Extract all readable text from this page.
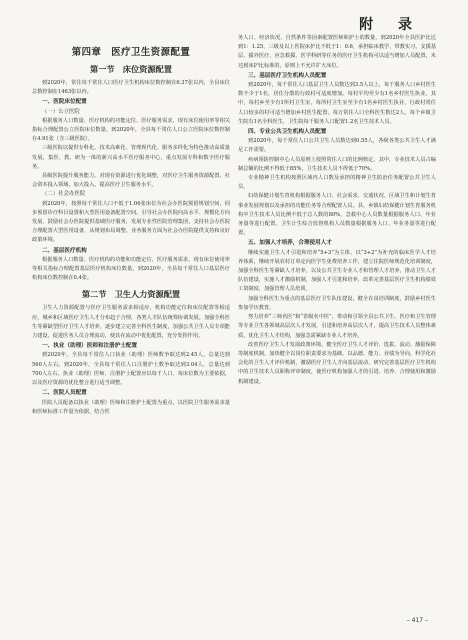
附 录
第四章　医疗卫生资源配置
第一节　床位资源配置

到2020年，常住每千常住人口医疗卫生机构床位数控制在6.37张以内，全县床位总数控制在1463张以内。

一、医院床位配置

（一）公立医院

根据服务人口数量、医疗机构的功能定位、医疗服务需求，现有床位使用率等相关指标合理配置公立医院床位数量。到2020年，全县每千常住人口公立医院床位数控制在4.91张（含三级医院）。

三级医院以提供专科化、技术高难化、管理现代化、服务多样化为特色推动高质量发展，集医、教、研为一体的新兴高水平医疗服务中心，重点发展专科和数字医疗服务。

县级医院提升服务能力，对现有资源进行优化调整，对医疗卫生服务资源配置、社会资本投入领域，加大投入，提高医疗卫生服务水平。

（二）社会办医院

到2020年，按照每千常住人口不低于1.06张床位为社会办医院预留规划空间，同步预留诊疗科目设置和大型医用设备配置空间。引导社会办医院向高水平、规模化方向发展，鼓励社会办医院提供基础医疗服务，发展专业性医院管理集团，支持社会办医院合理配置大型医用设备，从规划布局调整、业务服务方面为社会办医院提供支持和良好政策环境。

二、基层医疗机构

根据服务人口数量、医疗机构的功能和功能定位、医疗服务需求，现有床位使用率等相关指标合理配置基层医疗机构床位数量。到2020年，全县每千常住人口基层医疗机构床位数控制在0.4张。

第二节　卫生人力资源配置

卫生人力资源配置与医疗卫生服务需求相适应，机构功能定位和床位配置等相适应，城乡和区域医疗卫生人才分布趋于合理，各类人才队伍统筹协调发展。加强全科医生等紧缺型医疗卫生人才培养，逐步建立完善全科医生制度，加强公共卫生人员专项能力建设，促进医务人员合理流动，使其在流动中优化配置，充分发挥作用。

一、执业（助理）医师和注册护士配置

到2020年，全县每千常住人口执业（助理）医师数争取达到2.45人，总量达到560人左右。到2020年，全县每千常住人口注册护士数争取达到3.04人，总量达到700人左右。执业（助理）医师、注册护士配置应以每千人口、每床位数为主要依据，以及医疗资源的优化整合进行适当调整。

二、医院人员配置

医院人员配备以执业（助理）医师和注册护士配置为重点，以医院卫生服务需求量和医师标准工作量为依据，结合医

务人口、经济状况、自然条件等因素配置医师和护士的数量，到2020年全县医护比达到1：1.25，三级及以上医院床护比不低于1：0.6，承担临床教学、带教实习、支援基层、援外医疗、应急救援、医学科研等任务的医疗卫生机构可以适当增加人员配置，未达到床护比标准的，原则上不允许扩大床位。

三、基层医疗卫生机构人员配置

到2020年，每千常住人口基层卫生人员数达到3.5人以上，每千服务人口乡村医生数不少于1名，居住分散的行政村可适度增加。每村平均至少有1名乡村医生执业。其中，每村乡至少有1所村卫生室，每所村卫生室至少有1名乡村医生执业，行政村常住人口较多的村可适当增加乡村医生配置，每万常住人口全科医生数达2人，每个乡镇卫生院有1名全科医生，卫生院每千服务人口配置1.2名卫生技术人员。

四、专业公共卫生机构人员配置

到2020年，每千常住人口公共卫生人员数达到0.55人，各级各类公共卫生人才满足工作需要。

疾病预防控制中心人员原则上按照常住人口的比例核定，其中，专业技术人员占编制总额的比例不得低于85%，卫生技术人员不得低于70%。

专业精神卫生机构按照区域内人口数及承担的精神卫生防治任务配置公共卫生人员。

妇幼保健计划生育机构根据服务人口、社会需求、交通状况、区域卫生和计划生育事业发展规划以及承担的功能任务等合理配置人员。县、乡镇妇幼保健计划生育服务机构中卫生技术人员比例不低于总人数的80%。急救中心人员数量根据服务人口、年业务量等进行配置。卫生计生综合监督机构人员数量根据服务人口、年业务量等进行配置。

五、加强人才培养，合理使用人才

继续实施卫生人才引进和培养“5+3”为主体、以“3+2”为补充的临床医学人才培养体系，继续开展农村订单定向医学生免费培养工作，建立住院医师规范化培训制度，加强全科医生等紧缺人才培养，以及公共卫生专业人才和管理人才培养，推动卫生人才队伍建设，实施人才激励机制，加强人才引进和培养，改革完善基层医疗卫生机构绩效工资制度，加强管理人员培训。

加强全科医生为重点的基层医疗卫生队伍建设，健全在岗培训制度，鼓励乡村医生参加学历教育。

努力培养“三师名医”和“省级名中医”，带动和引领全县公共卫生、医疗和卫生管理等专业卫生各领域高层次人才发展，引进和培养高层次人才，提高卫生技术人员整体素质，优化卫生人才结构，加强急需紧缺专业人才培养。

改善医疗卫生人才发展政策环境，健全医疗卫生人才评价、选拔、流动、激励保障等制度机制，加快健全以岗位职责要求为基础，以品德、能力、业绩为导向，科学化社会化的卫生人才评价机制，激励医疗卫生人才向基层流动，研究完善基层医疗卫生机构中的卫生技术人员职称评审制度，使医疗机构加强人才的引进、培养、合理使用和激励机制建设。

– 417 –
